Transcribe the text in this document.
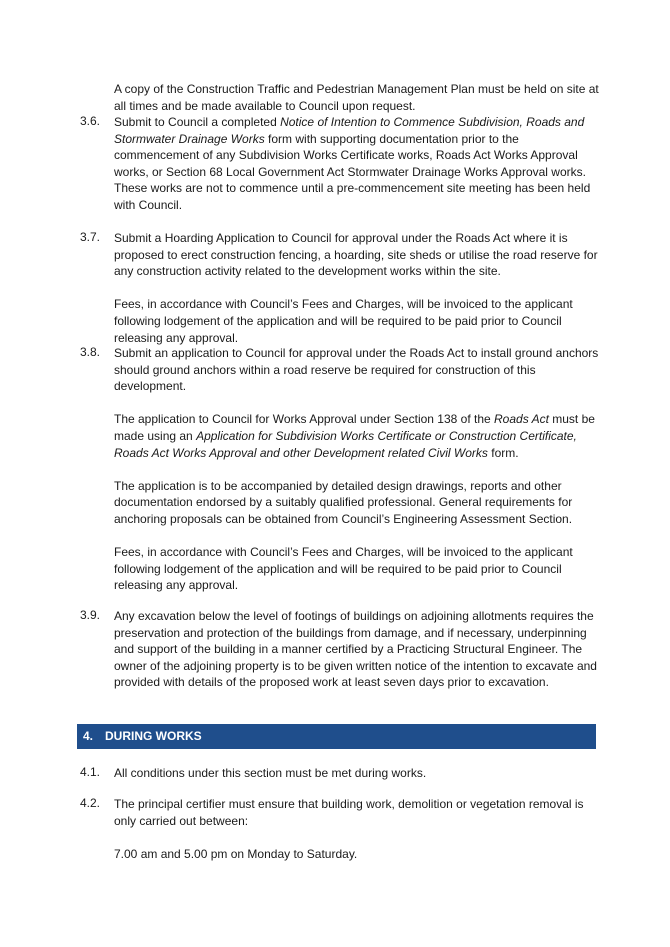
A copy of the Construction Traffic and Pedestrian Management Plan must be held on site at all times and be made available to Council upon request.

3.6.	Submit to Council a completed Notice of Intention to Commence Subdivision, Roads and Stormwater Drainage Works form with supporting documentation prior to the commencement of any Subdivision Works Certificate works, Roads Act Works Approval works, or Section 68 Local Government Act Stormwater Drainage Works Approval works. These works are not to commence until a pre-commencement site meeting has been held with Council.

3.7.	Submit a Hoarding Application to Council for approval under the Roads Act where it is proposed to erect construction fencing, a hoarding, site sheds or utilise the road reserve for any construction activity related to the development works within the site.

Fees, in accordance with Council’s Fees and Charges, will be invoiced to the applicant following lodgement of the application and will be required to be paid prior to Council releasing any approval.

3.8.	Submit an application to Council for approval under the Roads Act to install ground anchors should ground anchors within a road reserve be required for construction of this development.

The application to Council for Works Approval under Section 138 of the Roads Act must be made using an Application for Subdivision Works Certificate or Construction Certificate, Roads Act Works Approval and other Development related Civil Works form.

The application is to be accompanied by detailed design drawings, reports and other documentation endorsed by a suitably qualified professional. General requirements for anchoring proposals can be obtained from Council’s Engineering Assessment Section.

Fees, in accordance with Council’s Fees and Charges, will be invoiced to the applicant following lodgement of the application and will be required to be paid prior to Council releasing any approval.

3.9.	Any excavation below the level of footings of buildings on adjoining allotments requires the preservation and protection of the buildings from damage, and if necessary, underpinning and support of the building in a manner certified by a Practicing Structural Engineer. The owner of the adjoining property is to be given written notice of the intention to excavate and provided with details of the proposed work at least seven days prior to excavation.

4. DURING WORKS
4.1.	All conditions under this section must be met during works.

4.2.	The principal certifier must ensure that building work, demolition or vegetation removal is only carried out between:

7.00 am and 5.00 pm on Monday to Saturday.
